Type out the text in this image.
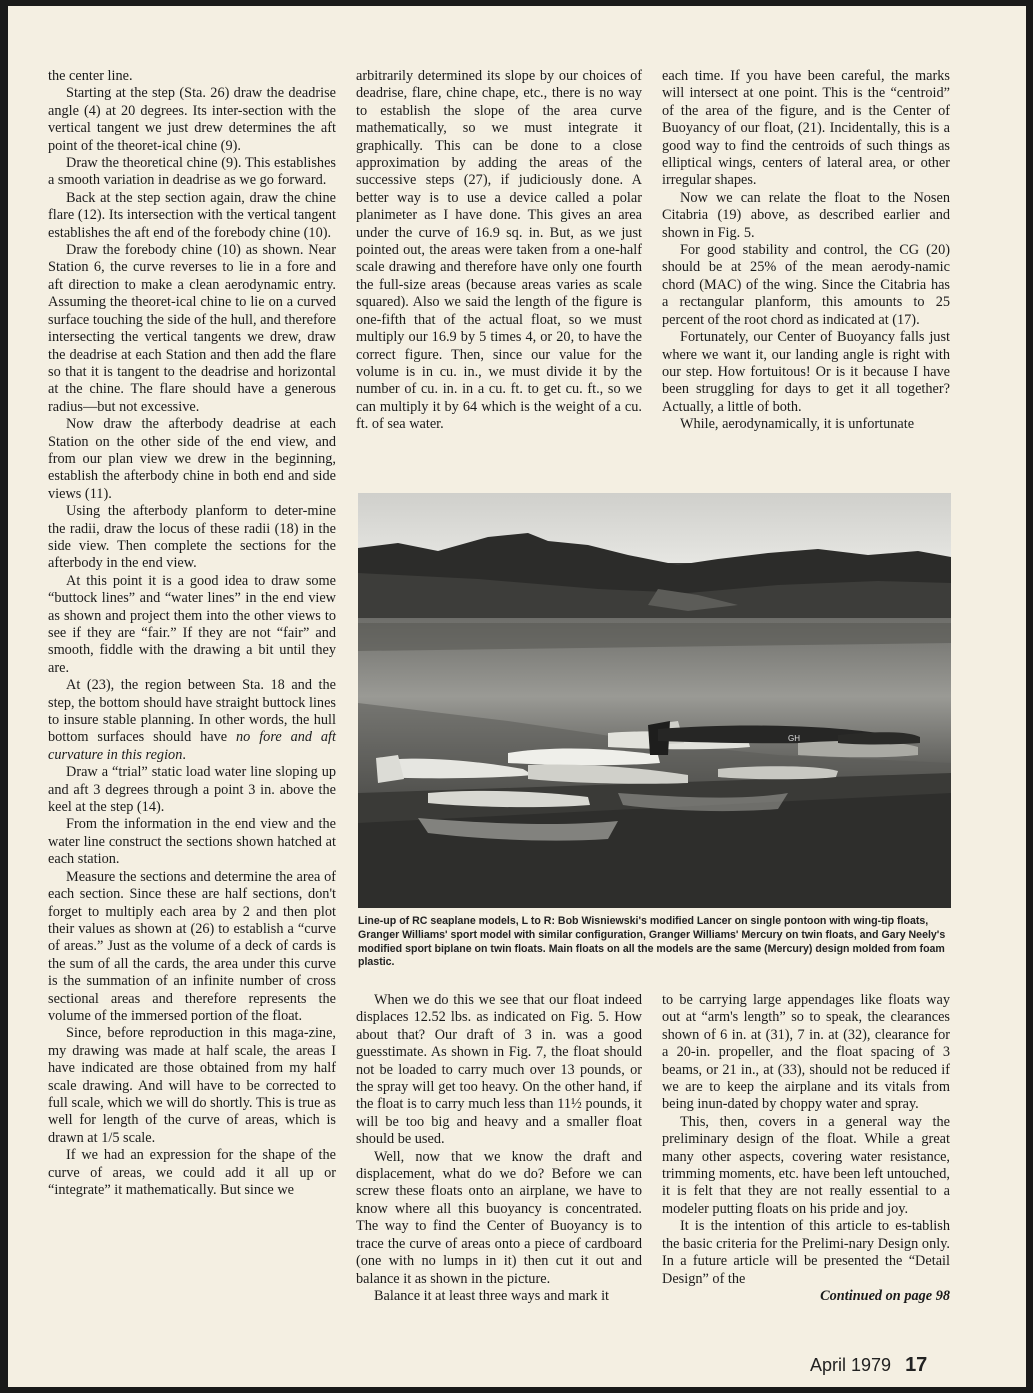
the center line.

Starting at the step (Sta. 26) draw the deadrise angle (4) at 20 degrees. Its inter-section with the vertical tangent we just drew determines the aft point of the theoret-ical chine (9).

Draw the theoretical chine (9). This establishes a smooth variation in deadrise as we go forward.

Back at the step section again, draw the chine flare (12). Its intersection with the vertical tangent establishes the aft end of the forebody chine (10).

Draw the forebody chine (10) as shown. Near Station 6, the curve reverses to lie in a fore and aft direction to make a clean aerodynamic entry. Assuming the theoret-ical chine to lie on a curved surface touching the side of the hull, and therefore intersecting the vertical tangents we drew, draw the deadrise at each Station and then add the flare so that it is tangent to the deadrise and horizontal at the chine. The flare should have a generous radius—but not excessive.

Now draw the afterbody deadrise at each Station on the other side of the end view, and from our plan view we drew in the beginning, establish the afterbody chine in both end and side views (11).

Using the afterbody planform to deter-mine the radii, draw the locus of these radii (18) in the side view. Then complete the sections for the afterbody in the end view.

At this point it is a good idea to draw some “buttock lines” and “water lines” in the end view as shown and project them into the other views to see if they are “fair.” If they are not “fair” and smooth, fiddle with the drawing a bit until they are.

At (23), the region between Sta. 18 and the step, the bottom should have straight buttock lines to insure stable planning. In other words, the hull bottom surfaces should have no fore and aft curvature in this region.

Draw a “trial” static load water line sloping up and aft 3 degrees through a point 3 in. above the keel at the step (14).

From the information in the end view and the water line construct the sections shown hatched at each station.

Measure the sections and determine the area of each section. Since these are half sections, don't forget to multiply each area by 2 and then plot their values as shown at (26) to establish a “curve of areas.” Just as the volume of a deck of cards is the sum of all the cards, the area under this curve is the summation of an infinite number of cross sectional areas and therefore represents the volume of the immersed portion of the float.

Since, before reproduction in this maga-zine, my drawing was made at half scale, the areas I have indicated are those obtained from my half scale drawing. And will have to be corrected to full scale, which we will do shortly. This is true as well for length of the curve of areas, which is drawn at 1/5 scale.

If we had an expression for the shape of the curve of areas, we could add it all up or “integrate” it mathematically. But since we

arbitrarily determined its slope by our choices of deadrise, flare, chine chape, etc., there is no way to establish the slope of the area curve mathematically, so we must integrate it graphically. This can be done to a close approximation by adding the areas of the successive steps (27), if judiciously done. A better way is to use a device called a polar planimeter as I have done. This gives an area under the curve of 16.9 sq. in. But, as we just pointed out, the areas were taken from a one-half scale drawing and therefore have only one fourth the full-size areas (because areas varies as scale squared). Also we said the length of the figure is one-fifth that of the actual float, so we must multiply our 16.9 by 5 times 4, or 20, to have the correct figure. Then, since our value for the volume is in cu. in., we must divide it by the number of cu. in. in a cu. ft. to get cu. ft., so we can multiply it by 64 which is the weight of a cu. ft. of sea water.

each time. If you have been careful, the marks will intersect at one point. This is the “centroid” of the area of the figure, and is the Center of Buoyancy of our float, (21). Incidentally, this is a good way to find the centroids of such things as elliptical wings, centers of lateral area, or other irregular shapes.

Now we can relate the float to the Nosen Citabria (19) above, as described earlier and shown in Fig. 5.

For good stability and control, the CG (20) should be at 25% of the mean aerody-namic chord (MAC) of the wing. Since the Citabria has a rectangular planform, this amounts to 25 percent of the root chord as indicated at (17).

Fortunately, our Center of Buoyancy falls just where we want it, our landing angle is right with our step. How fortuitous! Or is it because I have been struggling for days to get it all together? Actually, a little of both.

While, aerodynamically, it is unfortunate

GH
Line-up of RC seaplane models, L to R: Bob Wisniewski's modified Lancer on single pontoon with wing-tip floats, Granger Williams' sport model with similar configuration, Granger Williams' Mercury on twin floats, and Gary Neely's modified sport biplane on twin floats. Main floats on all the models are the same (Mercury) design molded from foam plastic.

When we do this we see that our float indeed displaces 12.52 lbs. as indicated on Fig. 5. How about that? Our draft of 3 in. was a good guesstimate. As shown in Fig. 7, the float should not be loaded to carry much over 13 pounds, or the spray will get too heavy. On the other hand, if the float is to carry much less than 11½ pounds, it will be too big and heavy and a smaller float should be used.

Well, now that we know the draft and displacement, what do we do? Before we can screw these floats onto an airplane, we have to know where all this buoyancy is concentrated. The way to find the Center of Buoyancy is to trace the curve of areas onto a piece of cardboard (one with no lumps in it) then cut it out and balance it as shown in the picture.

Balance it at least three ways and mark it

to be carrying large appendages like floats way out at “arm's length” so to speak, the clearances shown of 6 in. at (31), 7 in. at (32), clearance for a 20-in. propeller, and the float spacing of 3 beams, or 21 in., at (33), should not be reduced if we are to keep the airplane and its vitals from being inun-dated by choppy water and spray.

This, then, covers in a general way the preliminary design of the float. While a great many other aspects, covering water resistance, trimming moments, etc. have been left untouched, it is felt that they are not really essential to a modeler putting floats on his pride and joy.

It is the intention of this article to es-tablish the basic criteria for the Prelimi-nary Design only. In a future article will be presented the “Detail Design” of the

Continued on page 98

April 1979 17
